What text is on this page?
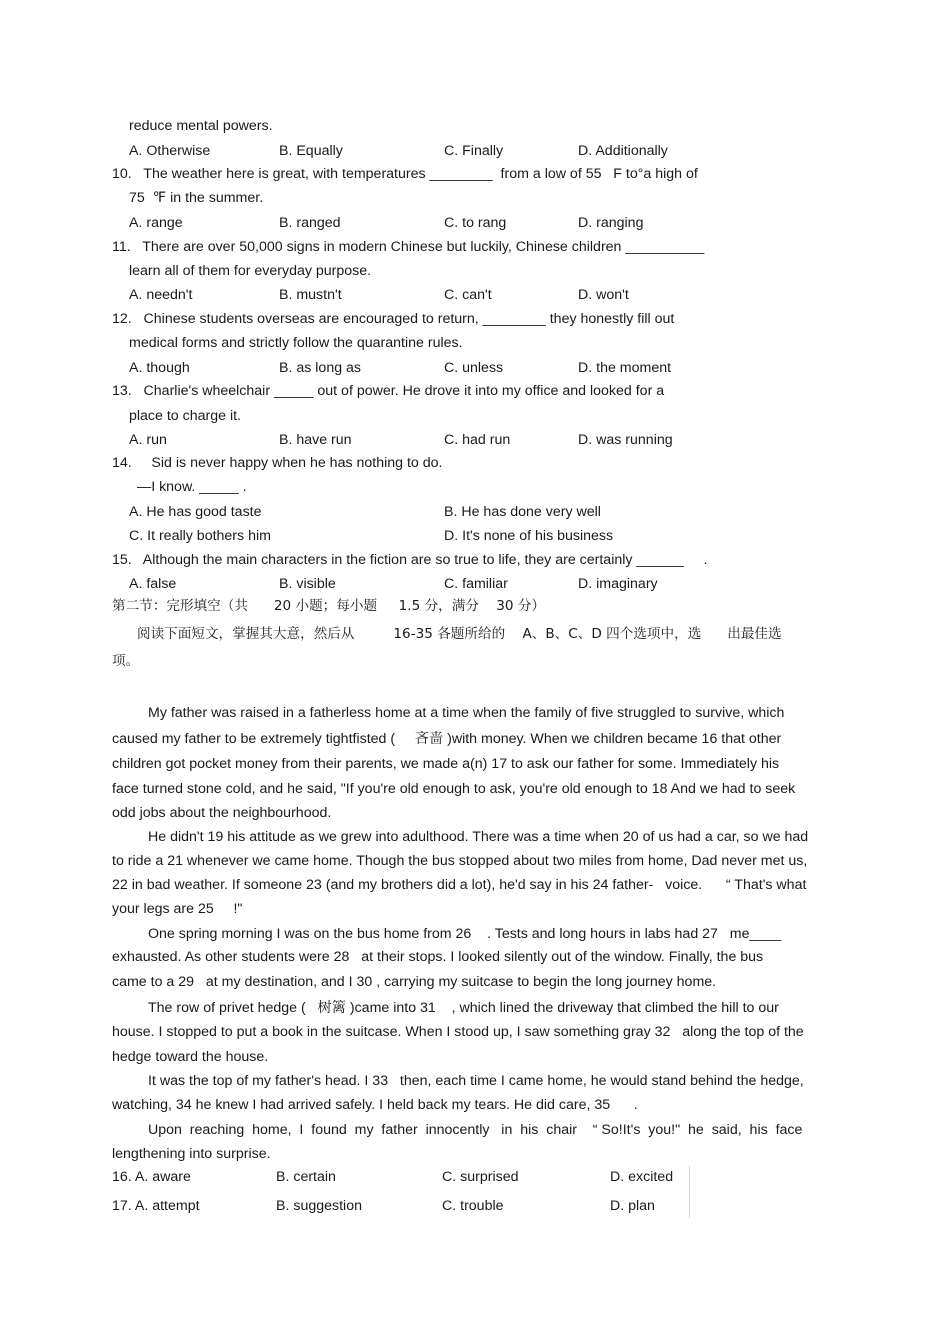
reduce mental powers.
A. Otherwise	B. Equally	C. Finally	D. Additionally
10.   The weather here is great, with temperatures ________  from a low of 55   F to°a high of
75  ℉ in the summer.
A. range	B. ranged	C. to rang	D. ranging
11.   There are over 50,000 signs in modern Chinese but luckily, Chinese children __________
learn all of them for everyday purpose.
A. needn't	B. mustn't	C. can't	D. won't
12.   Chinese students overseas are encouraged to return, ________ they honestly fill out
medical forms and strictly follow the quarantine rules.
A. though	B. as long as	C. unless	D. the moment
13.   Charlie's wheelchair _____ out of power. He drove it into my office and looked for a
place to charge it.
A. run	B. have run	C. had run	D. was running
14.     Sid is never happy when he has nothing to do.
—I know. _____ .
A. He has good taste	B. He has done very well
C. It really bothers him	D. It's none of his business
15.   Although the main characters in the fiction are so true to life, they are certainly ______     .
A. false	B. visible	C. familiar	D. imaginary
第二节：完形填空（共      20 小题；每小题     1.5 分，满分    30 分）
阅读下面短文，掌握其大意，然后从         16-35 各题所给的    A、B、C、D 四个选项中，选      出最佳选
项。
My father was raised in a fatherless home at a time when the family of five struggled to survive, which
caused my father to be extremely tightfisted (     吝啬 )with money. When we children became 16 that other
children got pocket money from their parents, we made a(n) 17 to ask our father for some. Immediately his
face turned stone cold, and he said, "If you're old enough to ask, you're old enough to 18 And we had to seek
odd jobs about the neighbourhood.
He didn't 19 his attitude as we grew into adulthood. There was a time when 20 of us had a car, so we had
to ride a 21 whenever we came home. Though the bus stopped about two miles from home, Dad never met us,
22 in bad weather. If someone 23 (and my brothers did a lot), he'd say in his 24 father-   voice.      “ That's what
your legs are 25     !"
One spring morning I was on the bus home from 26    . Tests and long hours in labs had 27   me____
exhausted. As other students were 28   at their stops. I looked silently out of the window. Finally, the bus
came to a 29   at my destination, and I 30 , carrying my suitcase to begin the long journey home.
The row of privet hedge (   树篱 )came into 31    , which lined the driveway that climbed the hill to our
house. I stopped to put a book in the suitcase. When I stood up, I saw something gray 32   along the top of the
hedge toward the house.
It was the top of my father's head. I 33   then, each time I came home, he would stand behind the hedge,
watching, 34 he knew I had arrived safely. I held back my tears. He did care, 35      .
Upon  reaching  home,  I  found  my  father  innocently   in  his  chair    “ So!It's  you!"  he  said,  his  face
lengthening into surprise.
16. A. aware	B. certain	C. surprised	D. excited
17. A. attempt	B. suggestion	C. trouble	D. plan
